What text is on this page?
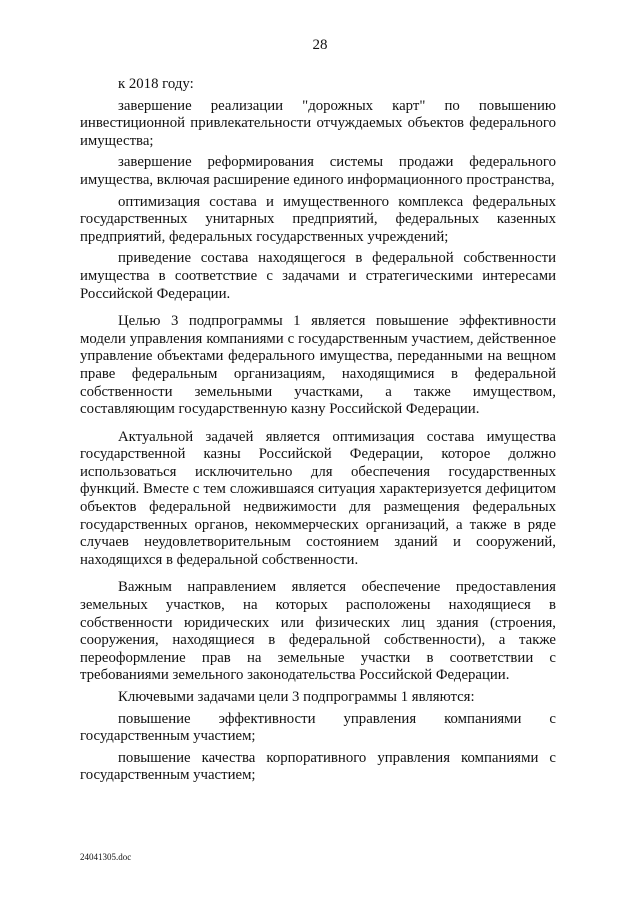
28

к 2018 году:

завершение реализации "дорожных карт" по повышению инвестиционной привлекательности отчуждаемых объектов федерального имущества;

завершение реформирования системы продажи федерального имущества, включая расширение единого информационного пространства,

оптимизация состава и имущественного комплекса федеральных государственных унитарных предприятий, федеральных казенных предприятий, федеральных государственных учреждений;

приведение состава находящегося в федеральной собственности имущества в соответствие с задачами и стратегическими интересами Российской Федерации.

Целью 3 подпрограммы 1 является повышение эффективности модели управления компаниями с государственным участием, действенное управление объектами федерального имущества, переданными на вещном праве федеральным организациям, находящимися в федеральной собственности земельными участками, а также имуществом, составляющим государственную казну Российской Федерации.

Актуальной задачей является оптимизация состава имущества государственной казны Российской Федерации, которое должно использоваться исключительно для обеспечения государственных функций. Вместе с тем сложившаяся ситуация характеризуется дефицитом объектов федеральной недвижимости для размещения федеральных государственных органов, некоммерческих организаций, а также в ряде случаев неудовлетворительным состоянием зданий и сооружений, находящихся в федеральной собственности.

Важным направлением является обеспечение предоставления земельных участков, на которых расположены находящиеся в собственности юридических или физических лиц здания (строения, сооружения, находящиеся в федеральной собственности), а также переоформление прав на земельные участки в соответствии с требованиями земельного законодательства Российской Федерации.

Ключевыми задачами цели 3 подпрограммы 1 являются:

повышение эффективности управления компаниями с государственным участием;

повышение качества корпоративного управления компаниями с государственным участием;

24041305.doc
